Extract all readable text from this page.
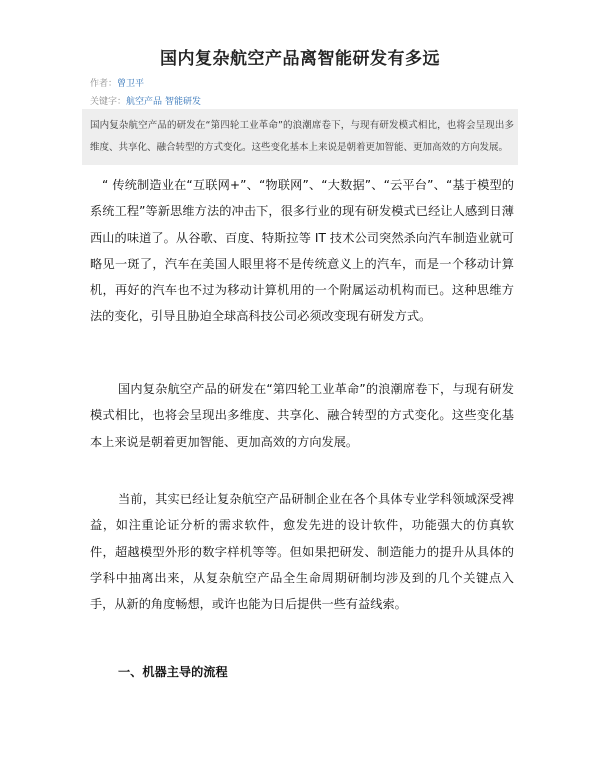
国内复杂航空产品离智能研发有多远
作者：曾卫平
关键字：航空产品 智能研发
国内复杂航空产品的研发在“第四轮工业革命”的浪潮席卷下，与现有研发模式相比，也将会呈现出多维度、共享化、融合转型的方式变化。这些变化基本上来说是朝着更加智能、更加高效的方向发展。
“ 传统制造业在“互联网+”、“物联网”、“大数据”、“云平台”、“基于模型的系统工程”等新思维方法的冲击下，很多行业的现有研发模式已经让人感到日薄西山的味道了。从谷歌、百度、特斯拉等 IT 技术公司突然杀向汽车制造业就可略见一斑了，汽车在美国人眼里将不是传统意义上的汽车，而是一个移动计算机，再好的汽车也不过为移动计算机用的一个附属运动机构而已。这种思维方法的变化，引导且胁迫全球高科技公司必须改变现有研发方式。
国内复杂航空产品的研发在“第四轮工业革命”的浪潮席卷下，与现有研发模式相比，也将会呈现出多维度、共享化、融合转型的方式变化。这些变化基本上来说是朝着更加智能、更加高效的方向发展。
当前，其实已经让复杂航空产品研制企业在各个具体专业学科领域深受裨益，如注重论证分析的需求软件，愈发先进的设计软件，功能强大的仿真软件，超越模型外形的数字样机等等。但如果把研发、制造能力的提升从具体的学科中抽离出来，从复杂航空产品全生命周期研制均涉及到的几个关键点入手，从新的角度畅想，或许也能为日后提供一些有益线索。
一、机器主导的流程
